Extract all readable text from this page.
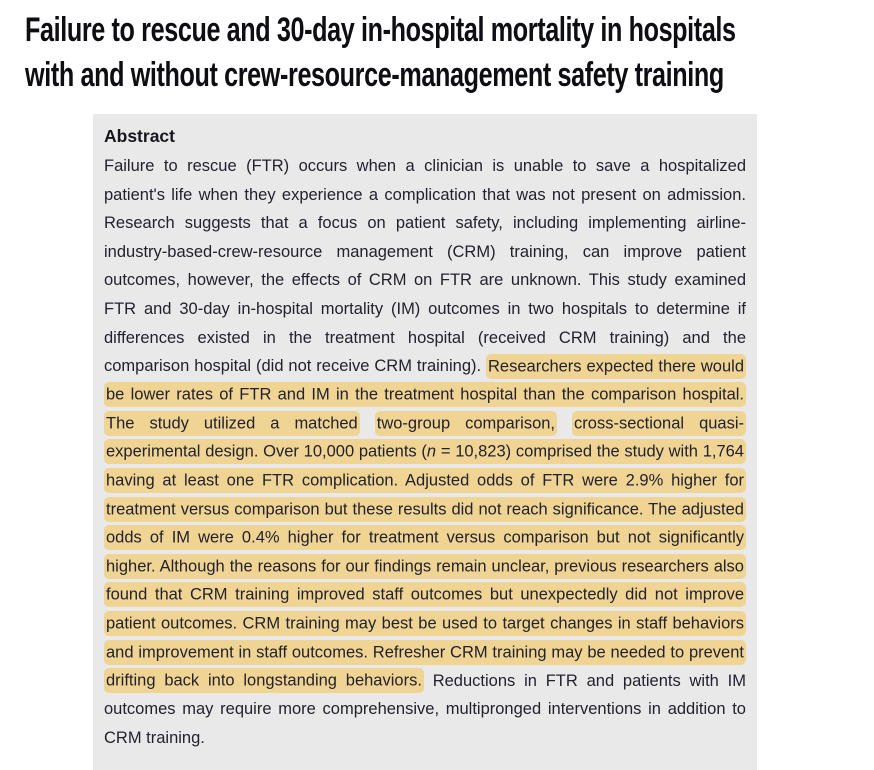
Failure to rescue and 30-day in-hospital mortality in hospitals
with and without crew-resource-management safety training
Abstract

Failure to rescue (FTR) occurs when a clinician is unable to save a hospitalized patient's life when they experience a complication that was not present on admission. Research suggests that a focus on patient safety, including implementing airline-industry-based-crew-resource management (CRM) training, can improve patient outcomes, however, the effects of CRM on FTR are unknown. This study examined FTR and 30-day in-hospital mortality (IM) outcomes in two hospitals to determine if differences existed in the treatment hospital (received CRM training) and the comparison hospital (did not receive CRM training). Researchers expected there would be lower rates of FTR and IM in the treatment hospital than the comparison hospital. The study utilized a matched two-group comparison, cross-sectional quasi-experimental design. Over 10,000 patients (n = 10,823) comprised the study with 1,764 having at least one FTR complication. Adjusted odds of FTR were 2.9% higher for treatment versus comparison but these results did not reach significance. The adjusted odds of IM were 0.4% higher for treatment versus comparison but not significantly higher. Although the reasons for our findings remain unclear, previous researchers also found that CRM training improved staff outcomes but unexpectedly did not improve patient outcomes. CRM training may best be used to target changes in staff behaviors and improvement in staff outcomes. Refresher CRM training may be needed to prevent drifting back into longstanding behaviors. Reductions in FTR and patients with IM outcomes may require more comprehensive, multipronged interventions in addition to CRM training.
